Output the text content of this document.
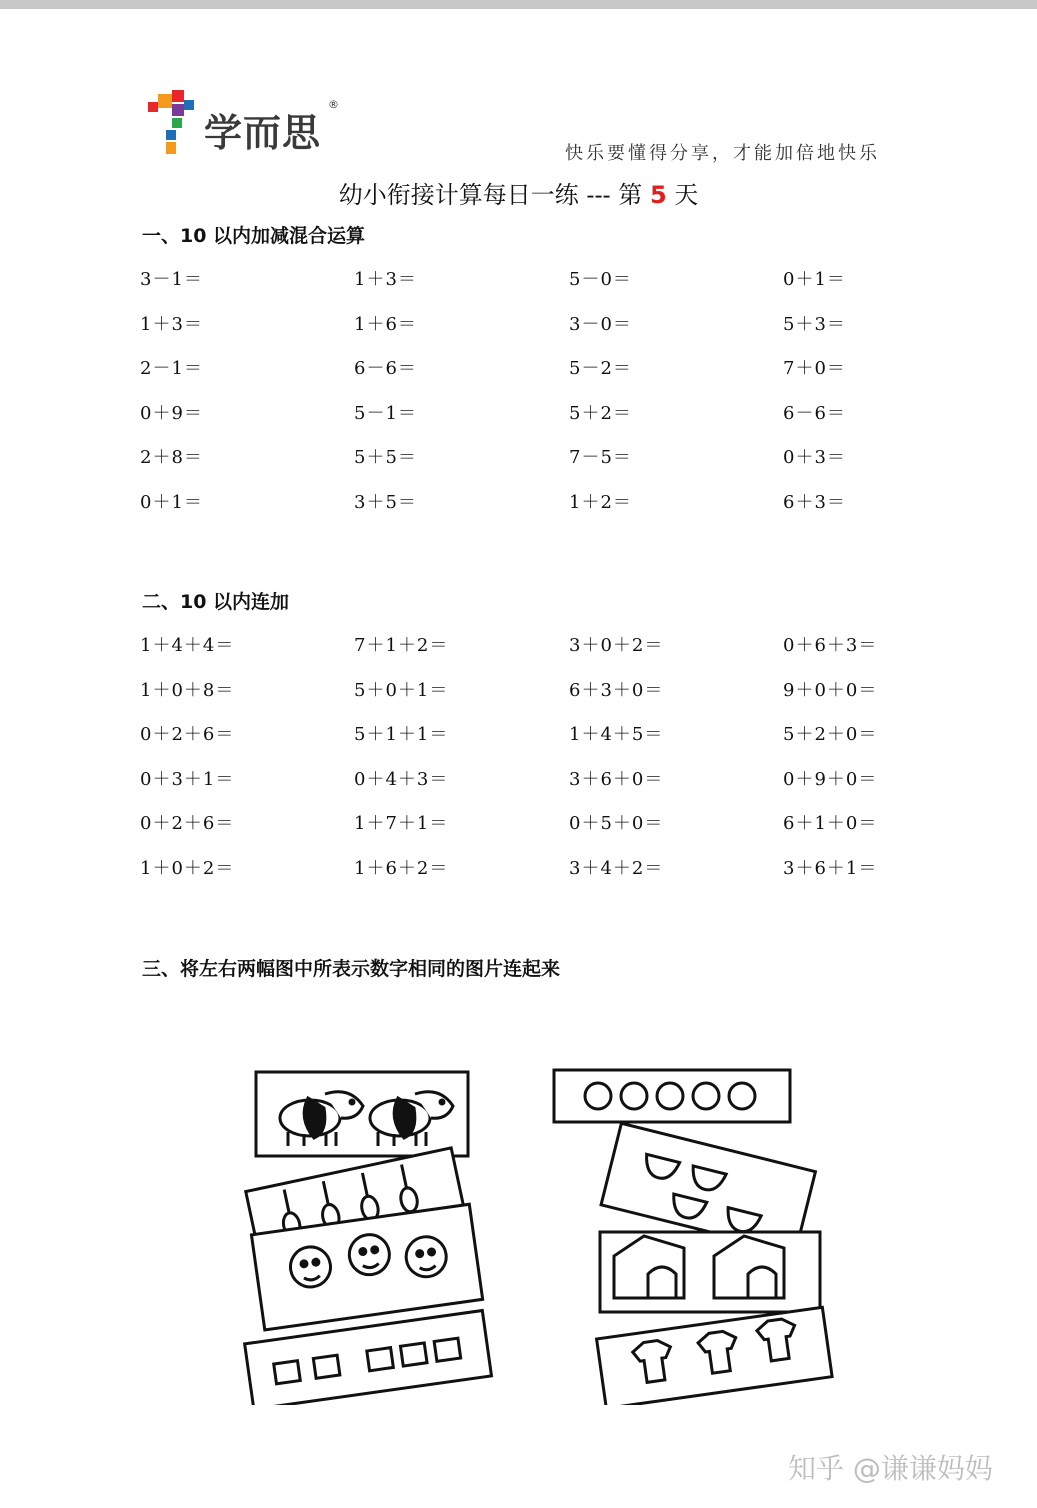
学而思
®
快乐要懂得分享，才能加倍地快乐
幼小衔接计算每日一练 --- 第 5 天
一、10 以内加减混合运算
3－1＝	1＋3＝	5－0＝	0＋1＝
1＋3＝	1＋6＝	3－0＝	5＋3＝
2－1＝	6－6＝	5－2＝	7＋0＝
0＋9＝	5－1＝	5＋2＝	6－6＝
2＋8＝	5＋5＝	7－5＝	0＋3＝
0＋1＝	3＋5＝	1＋2＝	6＋3＝
二、10 以内连加
1＋4＋4＝	7＋1＋2＝	3＋0＋2＝	0＋6＋3＝
1＋0＋8＝	5＋0＋1＝	6＋3＋0＝	9＋0＋0＝
0＋2＋6＝	5＋1＋1＝	1＋4＋5＝	5＋2＋0＝
0＋3＋1＝	0＋4＋3＝	3＋6＋0＝	0＋9＋0＝
0＋2＋6＝	1＋7＋1＝	0＋5＋0＝	6＋1＋0＝
1＋0＋2＝	1＋6＋2＝	3＋4＋2＝	3＋6＋1＝
三、将左右两幅图中所表示数字相同的图片连起来
知乎 @谦谦妈妈
